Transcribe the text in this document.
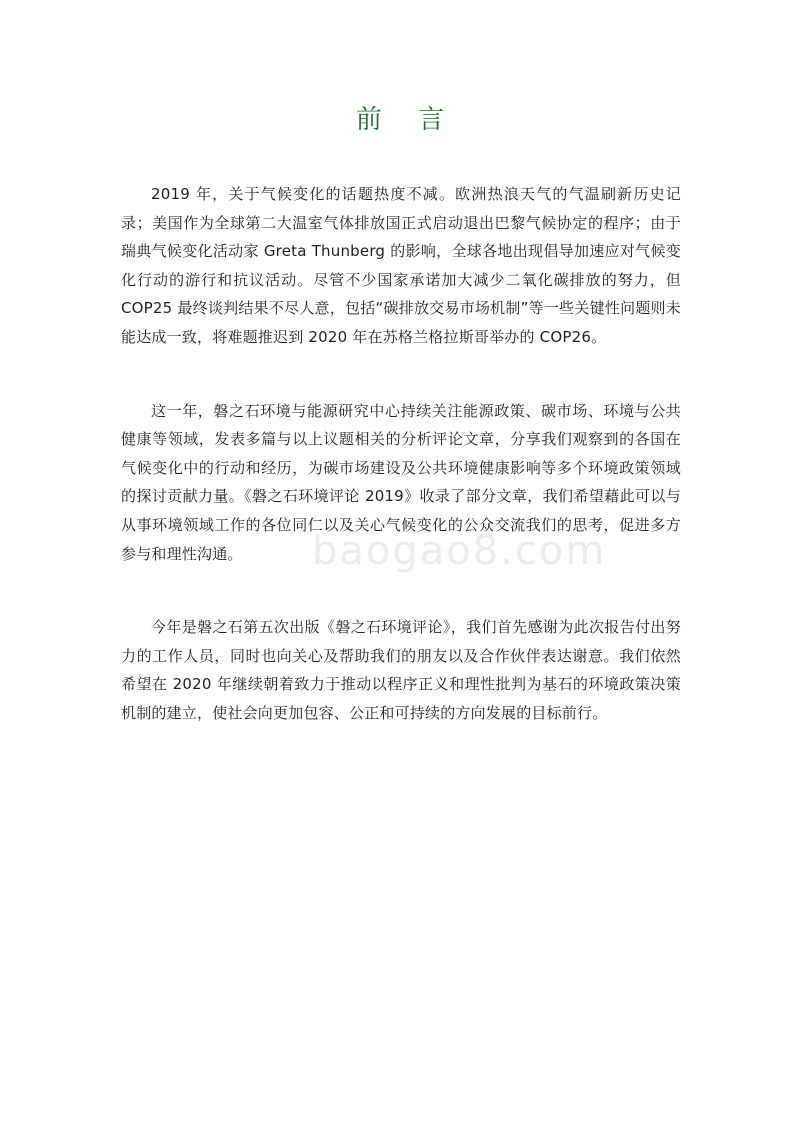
前 言

2019 年，关于气候变化的话题热度不减。欧洲热浪天气的气温刷新历史记录；美国作为全球第二大温室气体排放国正式启动退出巴黎气候协定的程序；由于瑞典气候变化活动家 Greta Thunberg 的影响，全球各地出现倡导加速应对气候变化行动的游行和抗议活动。尽管不少国家承诺加大减少二氧化碳排放的努力，但 COP25 最终谈判结果不尽人意，包括“碳排放交易市场机制”等一些关键性问题则未能达成一致，将难题推迟到 2020 年在苏格兰格拉斯哥举办的 COP26。

这一年，磐之石环境与能源研究中心持续关注能源政策、碳市场、环境与公共健康等领域，发表多篇与以上议题相关的分析评论文章，分享我们观察到的各国在气候变化中的行动和经历，为碳市场建设及公共环境健康影响等多个环境政策领域的探讨贡献力量。《磐之石环境评论 2019》收录了部分文章，我们希望藉此可以与从事环境领域工作的各位同仁以及关心气候变化的公众交流我们的思考，促进多方参与和理性沟通。

今年是磐之石第五次出版《磐之石环境评论》，我们首先感谢为此次报告付出努力的工作人员，同时也向关心及帮助我们的朋友以及合作伙伴表达谢意。我们依然希望在 2020 年继续朝着致力于推动以程序正义和理性批判为基石的环境政策决策机制的建立，使社会向更加包容、公正和可持续的方向发展的目标前行。

baogao8.com
